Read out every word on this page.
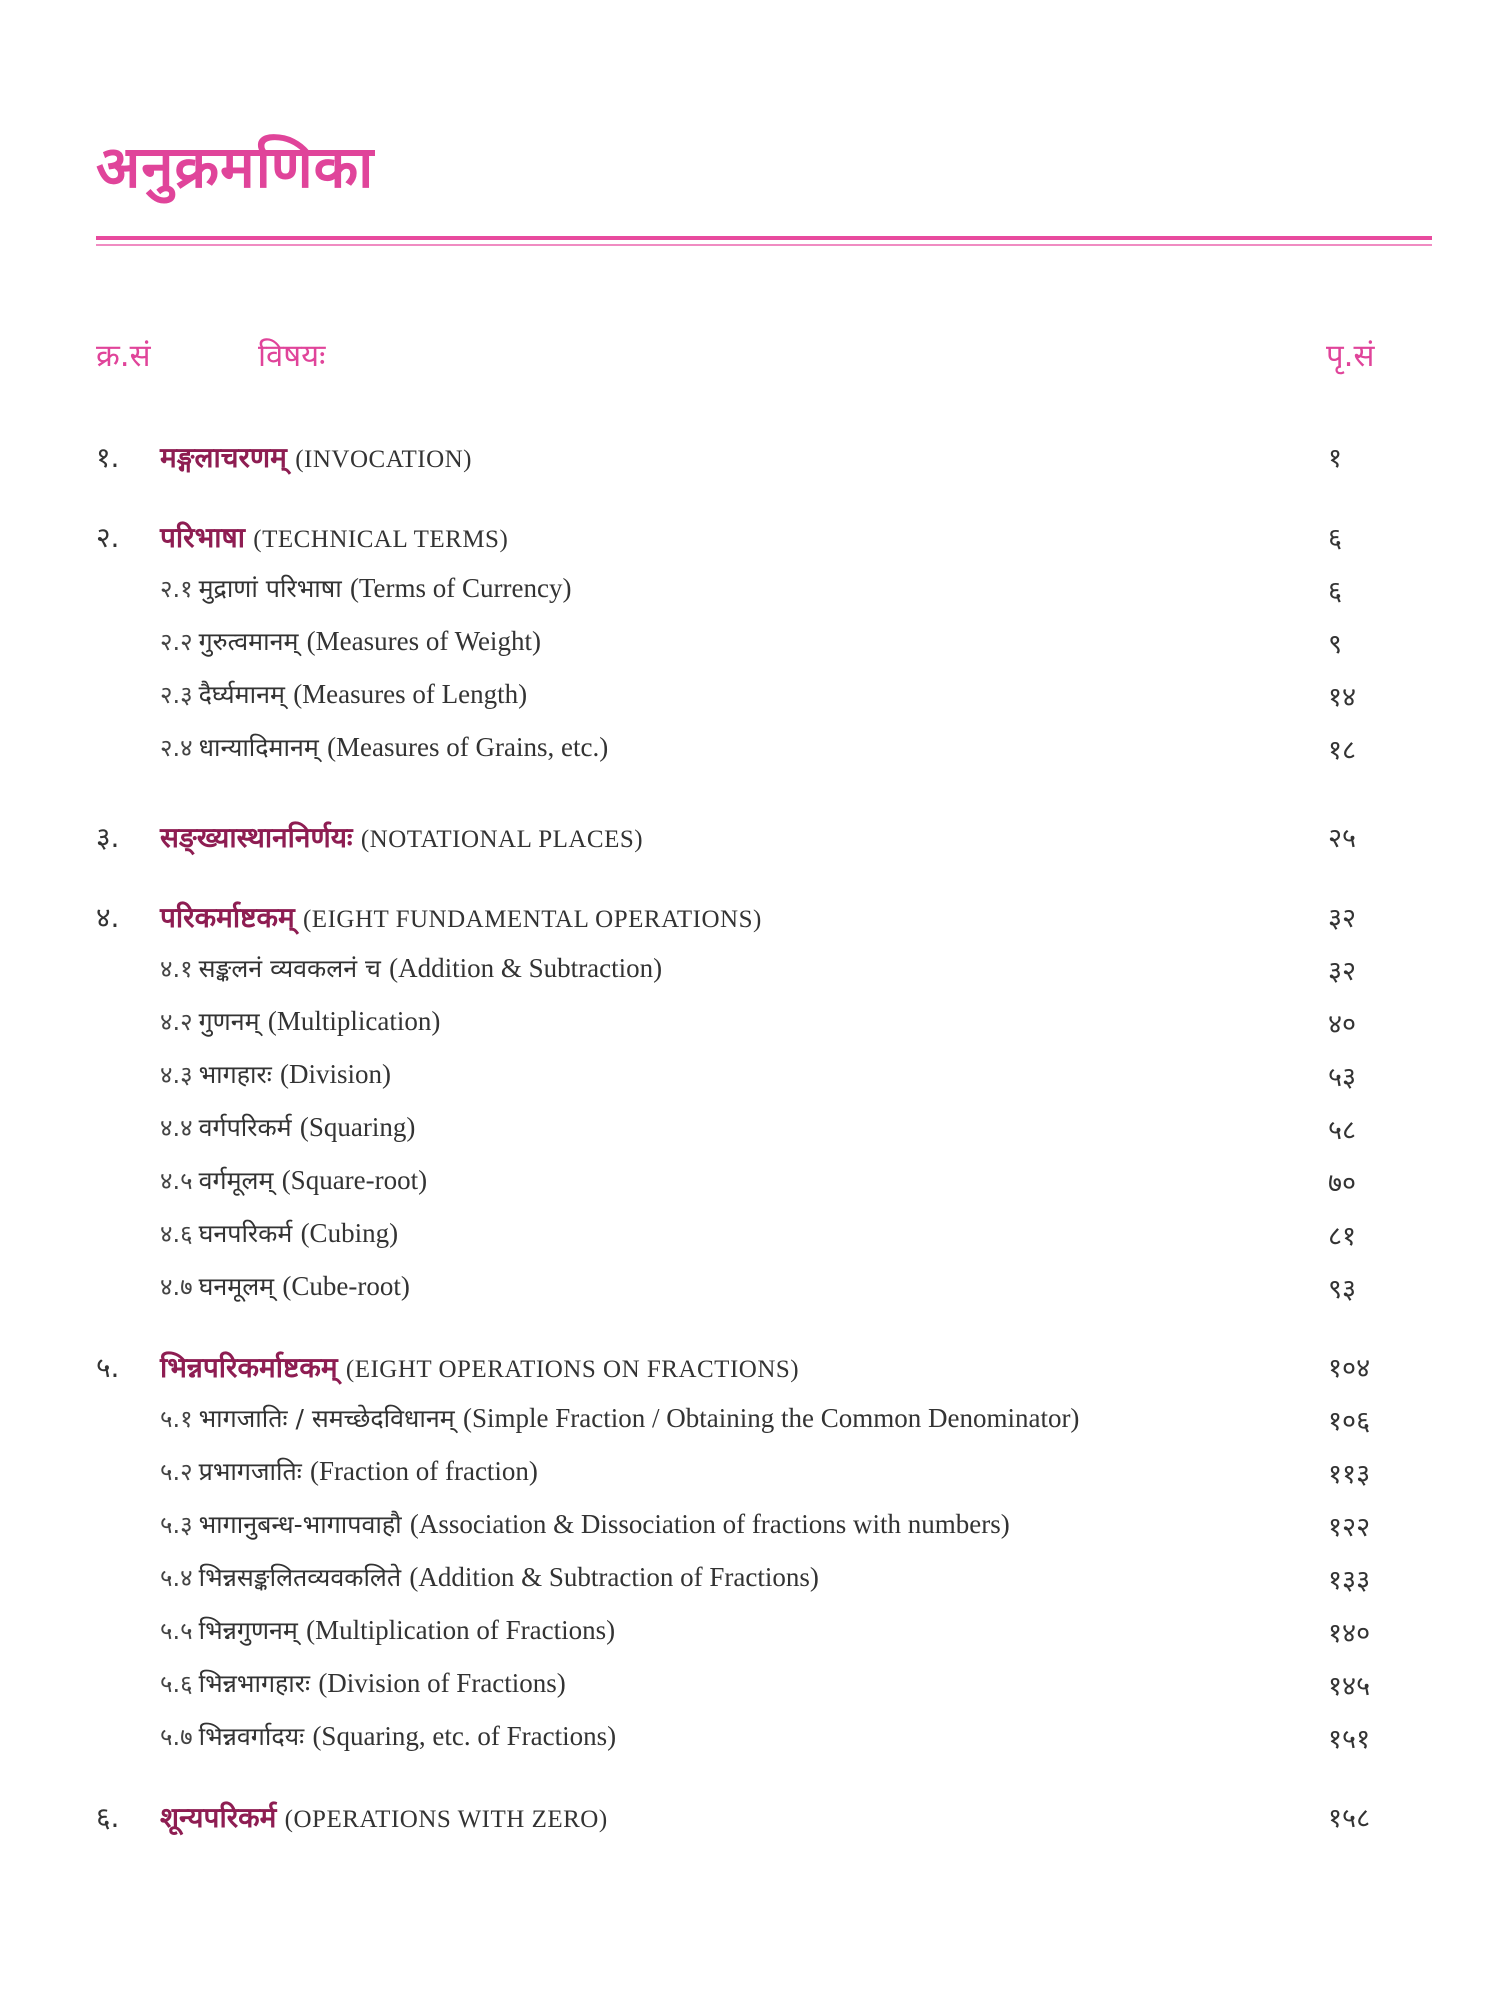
अनुक्रमणिका
क्र.सं	विषयः	पृ.सं
१. मङ्गलाचरणम् (INVOCATION)	१
२. परिभाषा (TECHNICAL TERMS)	६
२.१ मुद्राणां परिभाषा (Terms of Currency)	६
२.२ गुरुत्वमानम् (Measures of Weight)	९
२.३ दैर्घ्यमानम् (Measures of Length)	१४
२.४ धान्यादिमानम् (Measures of Grains, etc.)	१८
३. सङ्ख्यास्थाननिर्णयः (NOTATIONAL PLACES)	२५
४. परिकर्माष्टकम् (EIGHT FUNDAMENTAL OPERATIONS)	३२
४.१ सङ्कलनं व्यवकलनं च (Addition & Subtraction)	३२
४.२ गुणनम् (Multiplication)	४०
४.३ भागहारः (Division)	५३
४.४ वर्गपरिकर्म (Squaring)	५८
४.५ वर्गमूलम् (Square-root)	७०
४.६ घनपरिकर्म (Cubing)	८१
४.७ घनमूलम् (Cube-root)	९३
५. भिन्नपरिकर्माष्टकम् (EIGHT OPERATIONS ON FRACTIONS)	१०४
५.१ भागजातिः / समच्छेदविधानम् (Simple Fraction / Obtaining the Common Denominator)	१०६
५.२ प्रभागजातिः (Fraction of fraction)	११३
५.३ भागानुबन्ध-भागापवाहौ (Association & Dissociation of fractions with numbers)	१२२
५.४ भिन्नसङ्कलितव्यवकलिते (Addition & Subtraction of Fractions)	१३३
५.५ भिन्नगुणनम् (Multiplication of Fractions)	१४०
५.६ भिन्नभागहारः (Division of Fractions)	१४५
५.७ भिन्नवर्गादयः (Squaring, etc. of Fractions)	१५१
६. शून्यपरिकर्म (OPERATIONS WITH ZERO)	१५८
